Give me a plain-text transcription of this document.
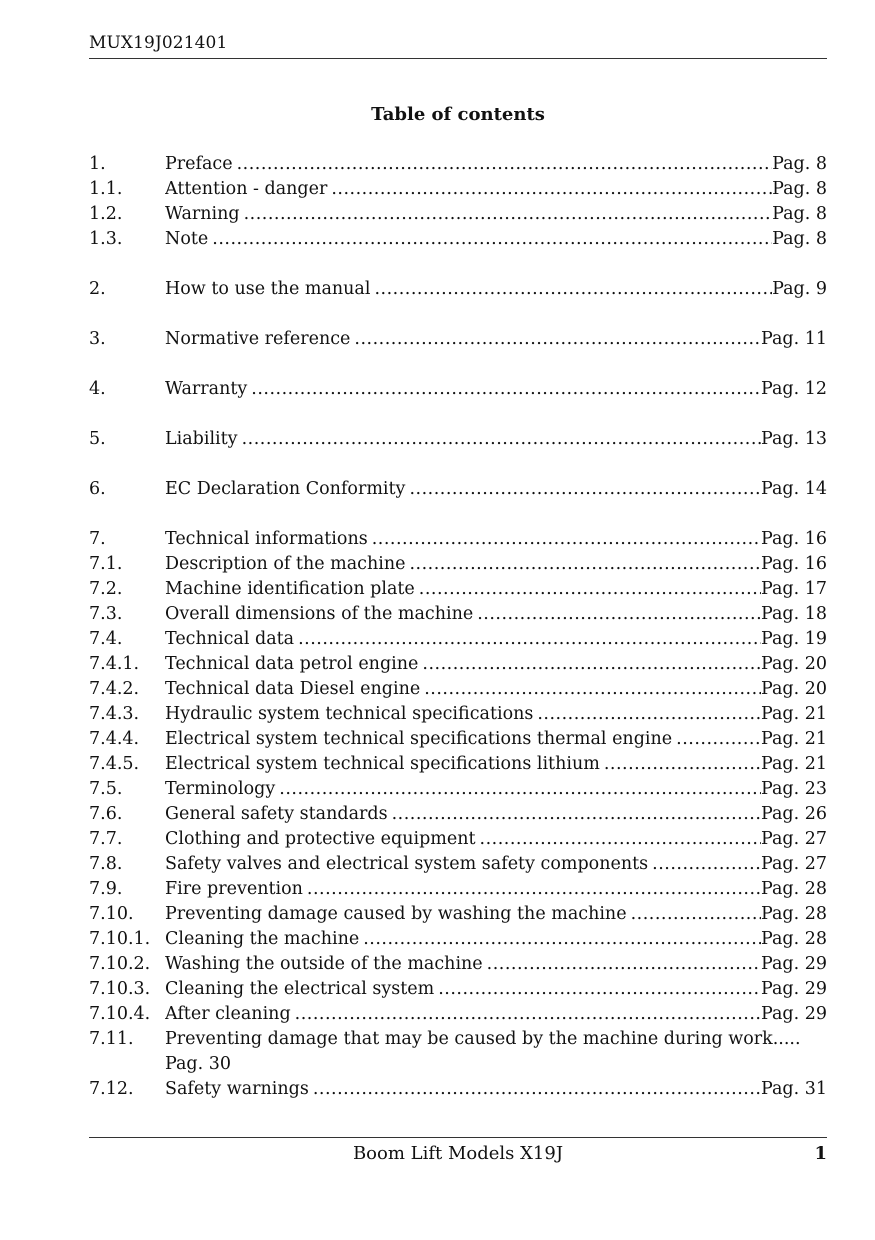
MUX19J021401
Table of contents
1.	Preface .....	Pag. 8
1.1.	Attention - danger .....	Pag. 8
1.2.	Warning .....	Pag. 8
1.3.	Note .....	Pag. 8
2.	How to use the manual .....	Pag. 9
3.	Normative reference .....	Pag. 11
4.	Warranty .....	Pag. 12
5.	Liability .....	Pag. 13
6.	EC Declaration Conformity .....	Pag. 14
7.	Technical informations .....	Pag. 16
7.1.	Description of the machine .....	Pag. 16
7.2.	Machine identification plate .....	Pag. 17
7.3.	Overall dimensions of the machine .....	Pag. 18
7.4.	Technical data .....	Pag. 19
7.4.1.	Technical data petrol engine .....	Pag. 20
7.4.2.	Technical data Diesel engine .....	Pag. 20
7.4.3.	Hydraulic system technical specifications .....	Pag. 21
7.4.4.	Electrical system technical specifications thermal engine .....	Pag. 21
7.4.5.	Electrical system technical specifications lithium .....	Pag. 21
7.5.	Terminology .....	Pag. 23
7.6.	General safety standards .....	Pag. 26
7.7.	Clothing and protective equipment .....	Pag. 27
7.8.	Safety valves and electrical system safety components .....	Pag. 27
7.9.	Fire prevention .....	Pag. 28
7.10.	Preventing damage caused by washing the machine .....	Pag. 28
7.10.1. Cleaning the machine .....	Pag. 28
7.10.2. Washing the outside of the machine .....	Pag. 29
7.10.3. Cleaning the electrical system .....	Pag. 29
7.10.4. After cleaning .....	Pag. 29
7.11.	Preventing damage that may be caused by the machine during work.....
Pag. 30
7.12.	Safety warnings .....	Pag. 31
Boom Lift Models X19J	1
